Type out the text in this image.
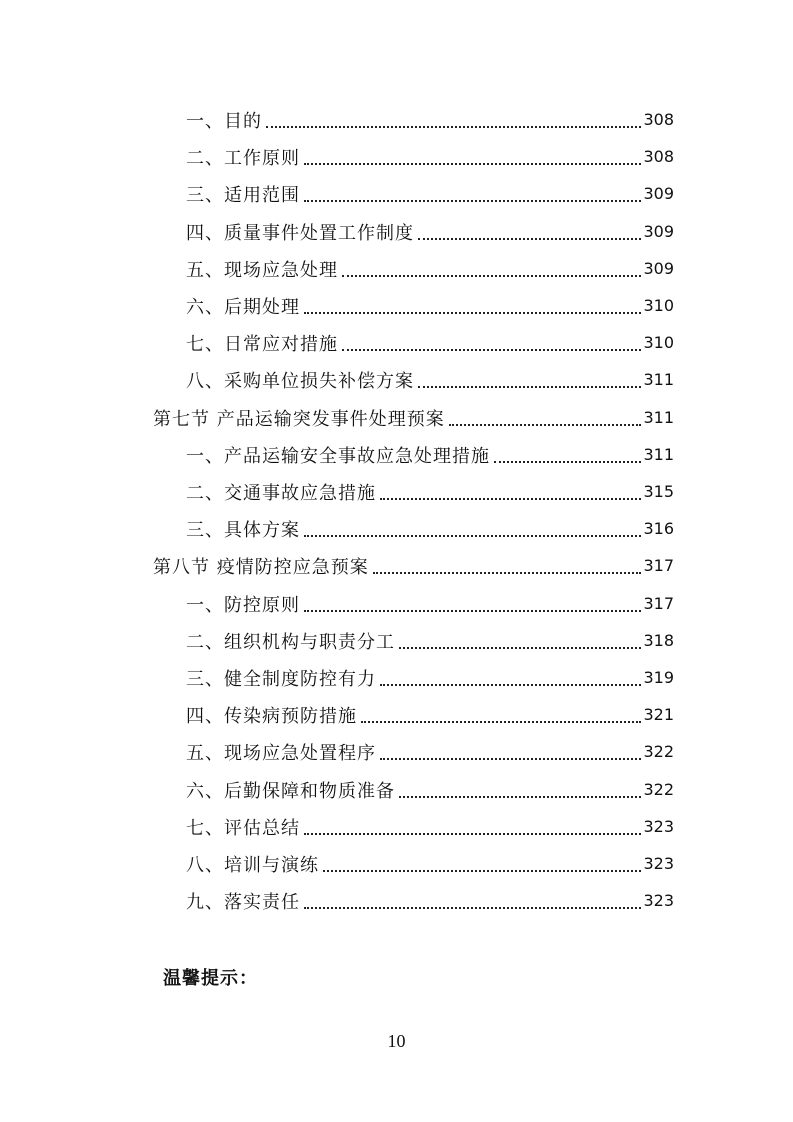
一、目的	308
二、工作原则	308
三、适用范围	309
四、质量事件处置工作制度	309
五、现场应急处理	309
六、后期处理	310
七、日常应对措施	310
八、采购单位损失补偿方案	311
第七节 产品运输突发事件处理预案	311
一、产品运输安全事故应急处理措施	311
二、交通事故应急措施	315
三、具体方案	316
第八节 疫情防控应急预案	317
一、防控原则	317
二、组织机构与职责分工	318
三、健全制度防控有力	319
四、传染病预防措施	321
五、现场应急处置程序	322
六、后勤保障和物质准备	322
七、评估总结	323
八、培训与演练	323
九、落实责任	323
温馨提示：
10
